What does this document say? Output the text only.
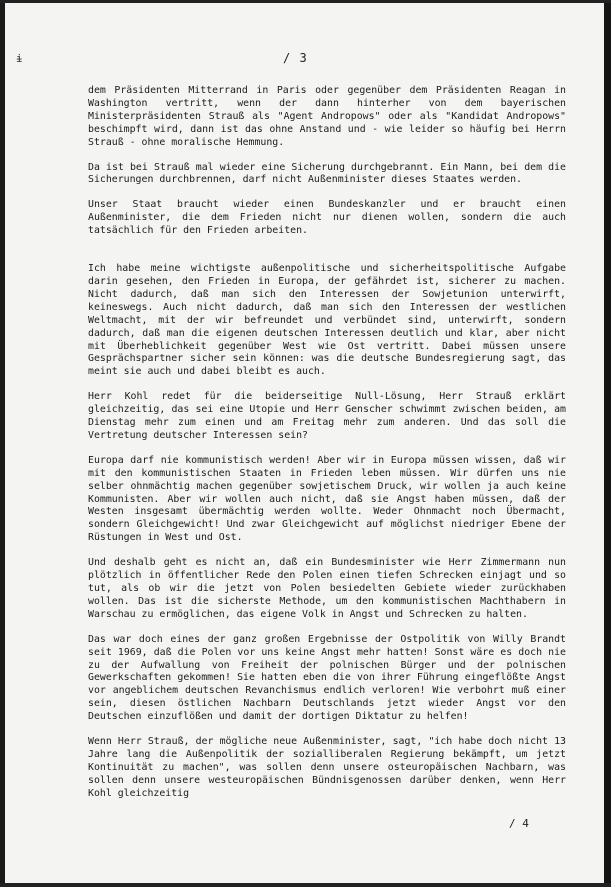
ɨ	/ 3

dem Präsidenten Mitterrand in Paris oder gegenüber dem Präsidenten Reagan in Washington vertritt, wenn der dann hinterher von dem bayerischen Ministerpräsidenten Strauß als "Agent Andropows" oder als "Kandidat Andropows" beschimpft wird, dann ist das ohne Anstand und - wie leider so häufig bei Herrn Strauß - ohne moralische Hemmung.

Da ist bei Strauß mal wieder eine Sicherung durchgebrannt. Ein Mann, bei dem die Sicherungen durchbrennen, darf nicht Außenminister dieses Staates werden.

Unser Staat braucht wieder einen Bundeskanzler und er braucht einen Außenminister, die dem Frieden nicht nur dienen wollen, sondern die auch tatsächlich für den Frieden arbeiten.

Ich habe meine wichtigste außenpolitische und sicherheitspolitische Aufgabe darin gesehen, den Frieden in Europa, der gefährdet ist, sicherer zu machen. Nicht dadurch, daß man sich den Interessen der Sowjetunion unterwirft, keineswegs. Auch nicht dadurch, daß man sich den Interessen der westlichen Weltmacht, mit der wir befreundet und verbündet sind, unterwirft, sondern dadurch, daß man die eigenen deutschen Interessen deutlich und klar, aber nicht mit Überheblichkeit gegenüber West wie Ost vertritt. Dabei müssen unsere Gesprächspartner sicher sein können: was die deutsche Bundesregierung sagt, das meint sie auch und dabei bleibt es auch.

Herr Kohl redet für die beiderseitige Null-Lösung, Herr Strauß erklärt gleichzeitig, das sei eine Utopie und Herr Genscher schwimmt zwischen beiden, am Dienstag mehr zum einen und am Freitag mehr zum anderen. Und das soll die Vertretung deutscher Interessen sein?

Europa darf nie kommunistisch werden! Aber wir in Europa müssen wissen, daß wir mit den kommunistischen Staaten in Frieden leben müssen. Wir dürfen uns nie selber ohnmächtig machen gegenüber sowjetischem Druck, wir wollen ja auch keine Kommunisten. Aber wir wollen auch nicht, daß sie Angst haben müssen, daß der Westen insgesamt übermächtig werden wollte. Weder Ohnmacht noch Übermacht, sondern Gleichgewicht! Und zwar Gleichgewicht auf möglichst niedriger Ebene der Rüstungen in West und Ost.

Und deshalb geht es nicht an, daß ein Bundesminister wie Herr Zimmermann nun plötzlich in öffentlicher Rede den Polen einen tiefen Schrecken einjagt und so tut, als ob wir die jetzt von Polen besiedelten Gebiete wieder zurückhaben wollen. Das ist die sicherste Methode, um den kommunistischen Machthabern in Warschau zu ermöglichen, das eigene Volk in Angst und Schrecken zu halten.

Das war doch eines der ganz großen Ergebnisse der Ostpolitik von Willy Brandt seit 1969, daß die Polen vor uns keine Angst mehr hatten! Sonst wäre es doch nie zu der Aufwallung von Freiheit der polnischen Bürger und der polnischen Gewerkschaften gekommen! Sie hatten eben die von ihrer Führung eingeflößte Angst vor angeblichem deutschen Revanchismus endlich verloren! Wie verbohrt muß einer sein, diesen östlichen Nachbarn Deutschlands jetzt wieder Angst vor den Deutschen einzuflößen und damit der dortigen Diktatur zu helfen!

Wenn Herr Strauß, der mögliche neue Außenminister, sagt, "ich habe doch nicht 13 Jahre lang die Außenpolitik der sozialliberalen Regierung bekämpft, um jetzt Kontinuität zu machen", was sollen denn unsere osteuropäischen Nachbarn, was sollen denn unsere westeuropäischen Bündnisgenossen darüber denken, wenn Herr Kohl gleichzeitig

/ 4
